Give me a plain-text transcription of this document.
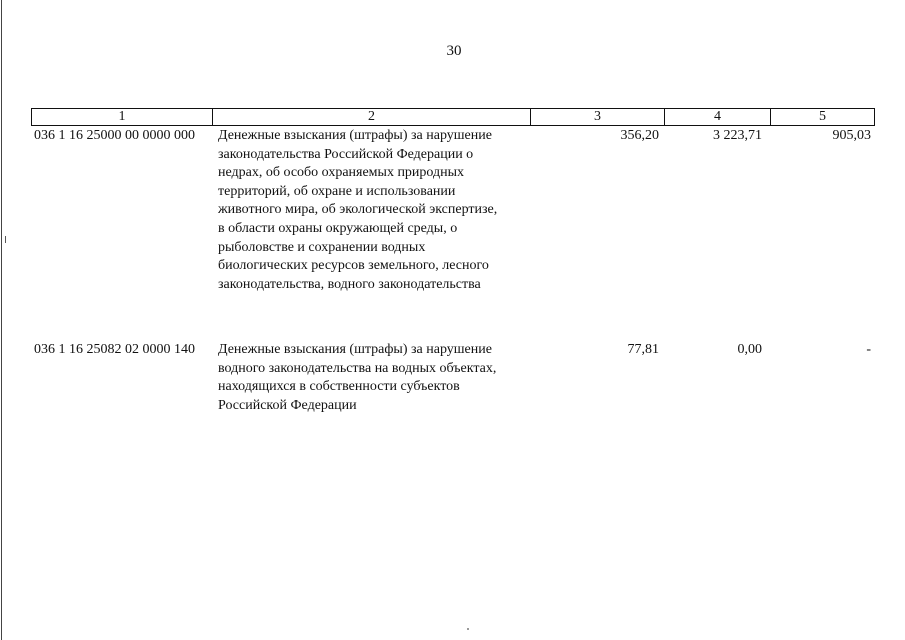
30
1	2	3	4	5
036 1 16 25000 00 0000 000	Денежные взыскания (штрафы) за нарушение
законодательства Российской Федерации о
недрах, об особо охраняемых природных
территорий, об охране и использовании
животного мира, об экологической экспертизе,
в области охраны окружающей среды, о
рыболовстве и сохранении водных
биологических ресурсов земельного, лесного
законодательства, водного законодательства
356,20	3 223,71	905,03
036 1 16 25082 02 0000 140	Денежные взыскания (штрафы) за нарушение
водного законодательства на водных объектах,
находящихся в собственности субъектов
Российской Федерации
77,81	0,00	-
